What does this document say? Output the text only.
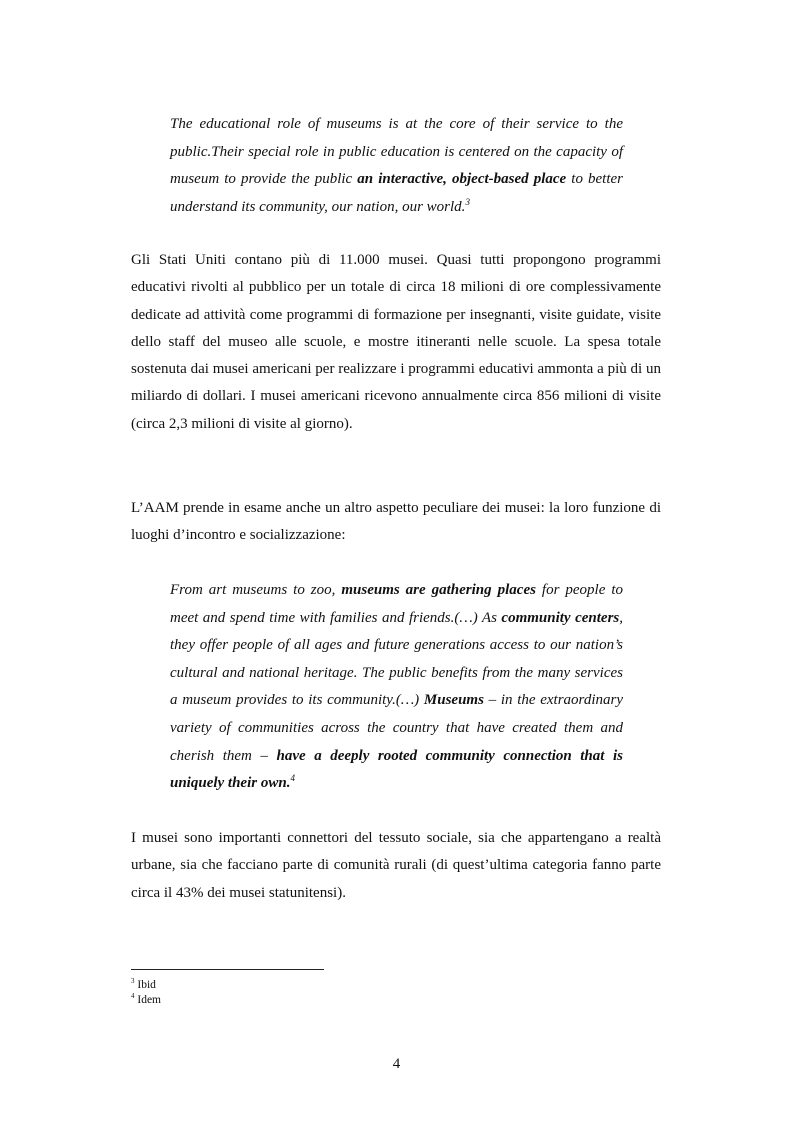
The educational role of museums is at the core of their service to the public.Their special role in public education is centered on the capacity of museum to provide the public an interactive, object-based place to better understand its community, our nation, our world.$^3$

Gli Stati Uniti contano più di 11.000 musei. Quasi tutti propongono programmi educativi rivolti al pubblico per un totale di circa 18 milioni di ore complessivamente dedicate ad attività come programmi di formazione per insegnanti, visite guidate, visite dello staff del museo alle scuole, e mostre itineranti nelle scuole. La spesa totale sostenuta dai musei americani per realizzare i programmi educativi ammonta a più di un miliardo di dollari. I musei americani ricevono annualmente circa 856 milioni di visite (circa 2,3 milioni di visite al giorno).

L’AAM prende in esame anche un altro aspetto peculiare dei musei: la loro funzione di luoghi d’incontro e socializzazione:

From art museums to zoo, museums are gathering places for people to meet and spend time with families and friends.(…) As community centers, they offer people of all ages and future generations access to our nation’s cultural and national heritage. The public benefits from the many services a museum provides to its community.(…) Museums – in the extraordinary variety of communities across the country that have created them and cherish them – have a deeply rooted community connection that is uniquely their own.$^4$

I musei sono importanti connettori del tessuto sociale, sia che appartengano a realtà urbane, sia che facciano parte di comunità rurali (di quest’ultima categoria fanno parte circa il 43% dei musei statunitensi).

$^3$ Ibid
$^4$ Idem
4
